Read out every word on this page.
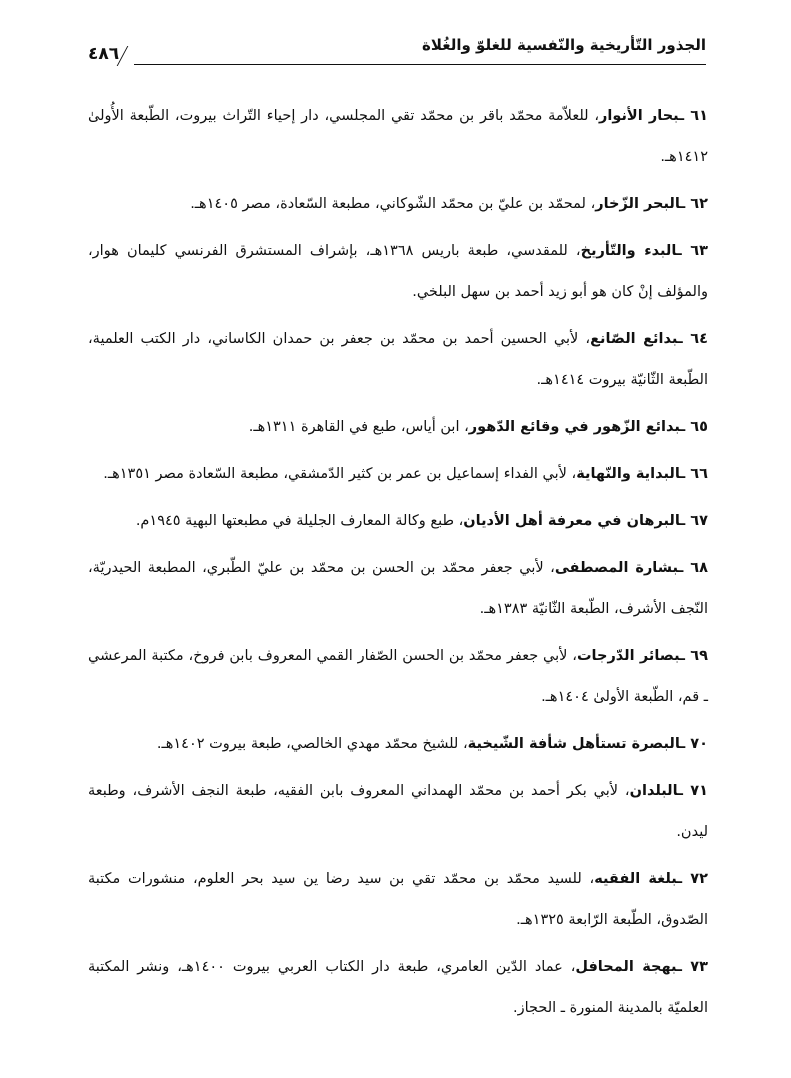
الجذور التّأريخية والنّفسية للغلوّ والغُلاة
٤٨٦

٦١ ـبحار الأنوار، للعلاّمة محمّد باقر بن محمّد تقي المجلسي، دار إحياء التّراث بيروت، الطّبعة الأُولىٰ ١٤١٢هـ.

٦٢ ـالبحر الزّخار، لمحمّد بن عليّ بن محمّد الشّوكاني، مطبعة السّعادة، مصر ١٤٠٥هـ.

٦٣ ـالبدء والتّأريخ، للمقدسي، طبعة باريس ١٣٦٨هـ، بإشراف المستشرق الفرنسي كليمان هوار، والمؤلف إنْ كان هو أبو زيد أحمد بن سهل البلخي.

٦٤ ـبدائع الصّانع، لأبي الحسين أحمد بن محمّد بن جعفر بن حمدان الكاساني، دار الكتب العلمية، الطّبعة الثّانيّة بيروت ١٤١٤هـ.

٦٥ ـبدائع الزّهور في وقائع الدّهور، ابن أياس، طبع في القاهرة ١٣١١هـ.

٦٦ ـالبداية والنّهاية، لأبي الفداء إسماعيل بن عمر بن كثير الدّمشقي، مطبعة السّعادة مصر ١٣٥١هـ.

٦٧ ـالبرهان في معرفة أهل الأديان، طبع وكالة المعارف الجليلة في مطبعتها البهية ١٩٤٥م.

٦٨ ـبشارة المصطفى، لأبي جعفر محمّد بن الحسن بن محمّد بن عليّ الطّبري، المطبعة الحيدريّة، النّجف الأشرف، الطّبعة الثّانيّة ١٣٨٣هـ.

٦٩ ـبصائر الدّرجات، لأبي جعفر محمّد بن الحسن الصّفار القمي المعروف بابن فروخ، مكتبة المرعشي ـ قم، الطّبعة الأولىٰ ١٤٠٤هـ.

٧٠ ـالبصرة تستأهل شأفة الشّيخية، للشيخ محمّد مهدي الخالصي، طبعة بيروت ١٤٠٢هـ.

٧١ ـالبلدان، لأبي بكر أحمد بن محمّد الهمداني المعروف بابن الفقيه، طبعة النجف الأشرف، وطبعة ليدن.

٧٢ ـبلغة الفقيه، للسيد محمّد بن محمّد تقي بن سيد رضا ين سيد بحر العلوم، منشورات مكتبة الصّدوق، الطّبعة الرّابعة ١٣٢٥هـ.

٧٣ ـبهجة المحافل، عماد الدّين العامري، طبعة دار الكتاب العربي بيروت ١٤٠٠هـ، ونشر المكتبة العلميّة بالمدينة المنورة ـ الحجاز.
